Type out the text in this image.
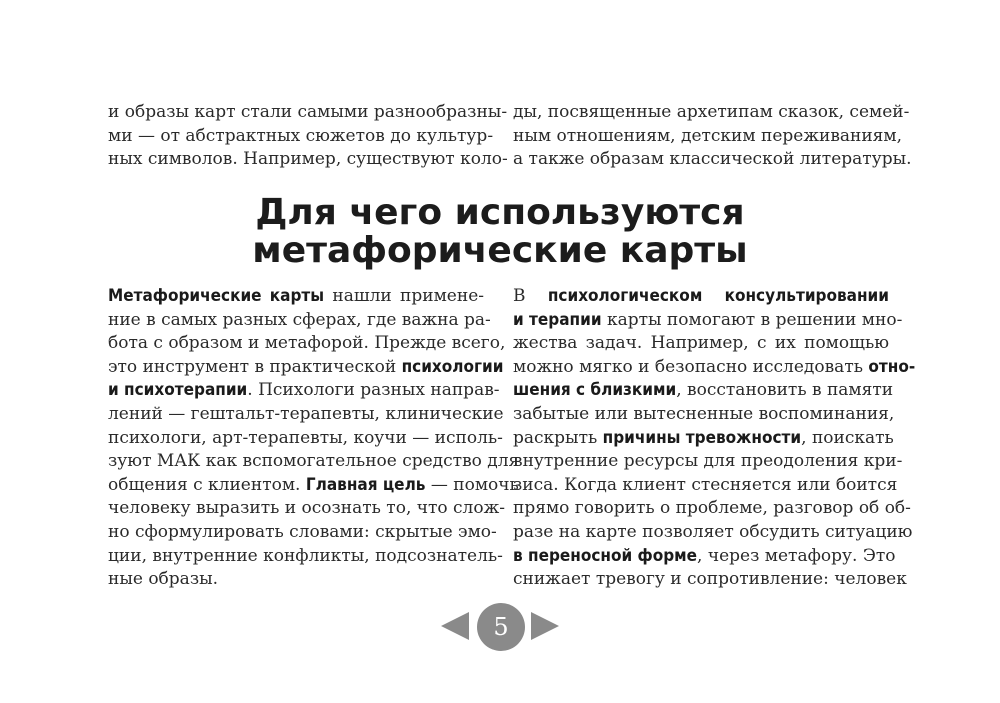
и образы карт стали самыми разнообразны-
ми — от абстрактных сюжетов до культур-
ных символов. Например, существуют коло-
ды, посвященные архетипам сказок, семей-
ным отношениям, детским переживаниям,
а также образам классической литературы.
Для чего используются
метафорические карты
Метафорические карты нашли примене-
ние в самых разных сферах, где важна ра-
бота с образом и метафорой. Прежде всего,
это инструмент в практической психологии
и психотерапии. Психологи разных направ-
лений — гештальт-терапевты, клинические
психологи, арт-терапевты, коучи — исполь-
зуют МАК как вспомогательное средство для
общения с клиентом. Главная цель — помочь
человеку выразить и осознать то, что слож-
но сформулировать словами: скрытые эмо-
ции, внутренние конфликты, подсознатель-
ные образы.
В психологическом консультировании
и терапии карты помогают в решении мно-
жества задач. Например, с их помощью
можно мягко и безопасно исследовать отно-
шения с близкими, восстановить в памяти
забытые или вытесненные воспоминания,
раскрыть причины тревожности, поискать
внутренние ресурсы для преодоления кри-
зиса. Когда клиент стесняется или боится
прямо говорить о проблеме, разговор об об-
разе на карте позволяет обсудить ситуацию
в переносной форме, через метафору. Это
снижает тревогу и сопротивление: человек
5
